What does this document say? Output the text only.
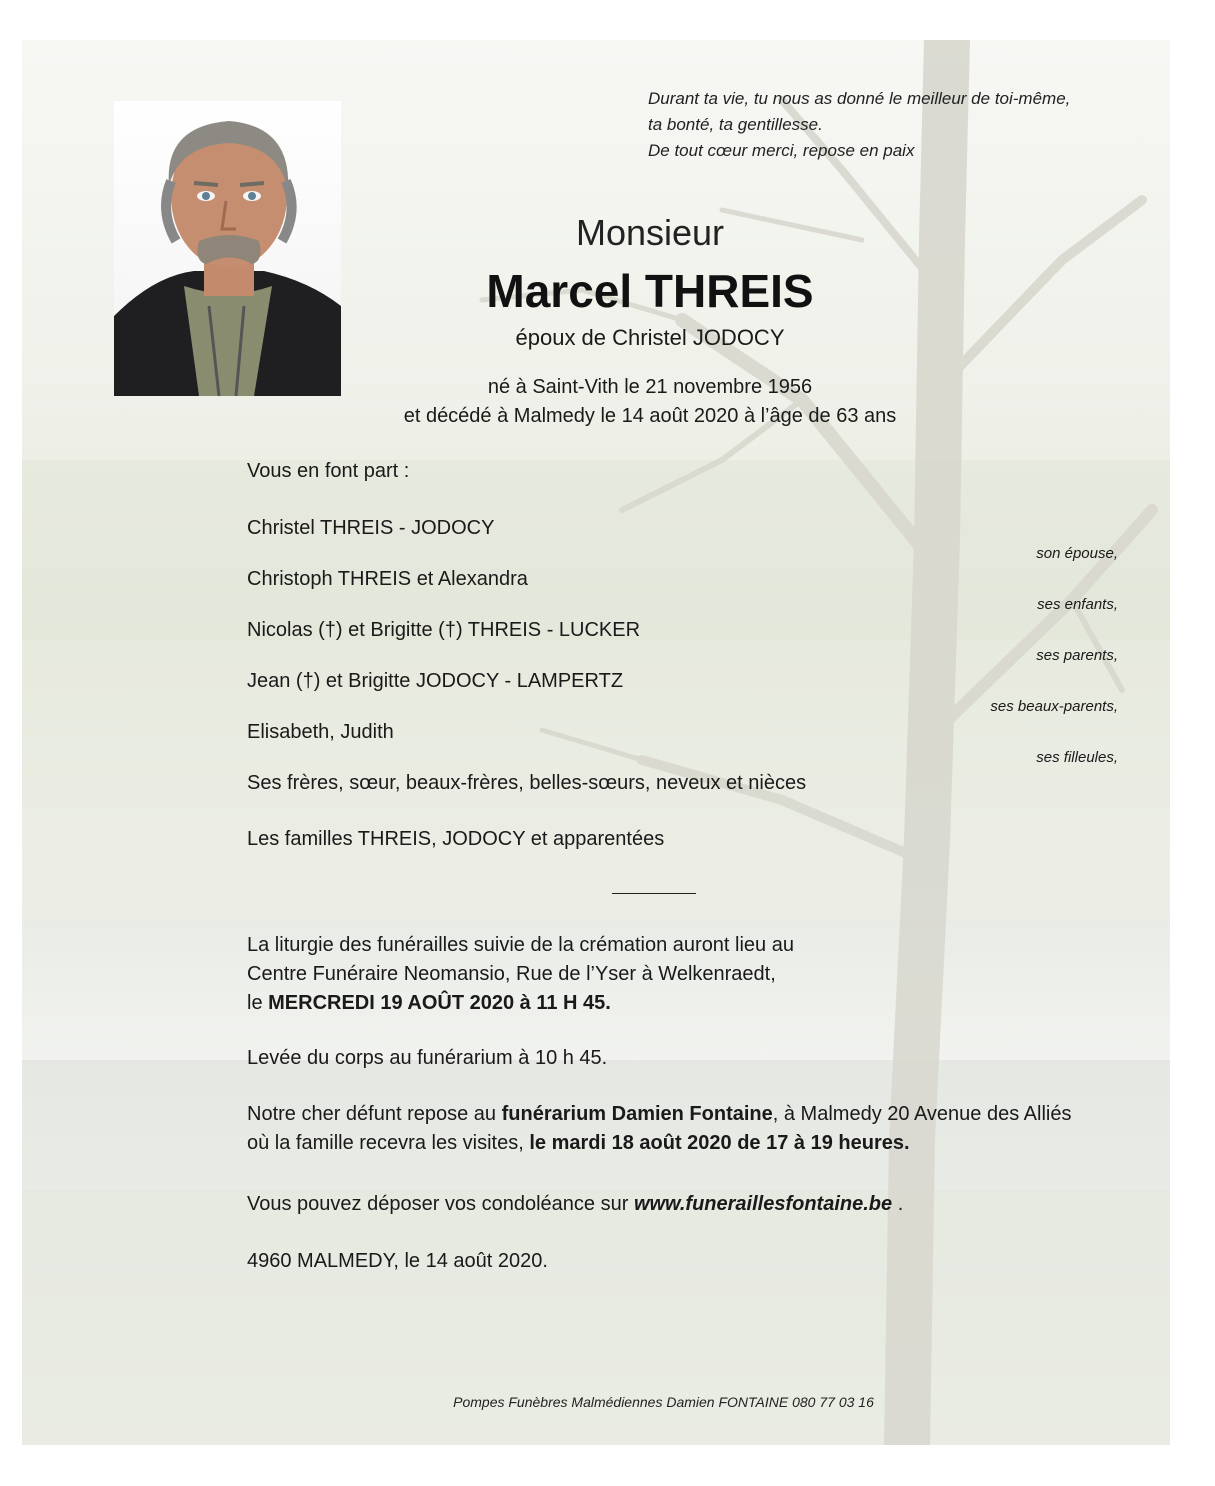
Durant ta vie, tu nous as donné le meilleur de toi-même,
ta bonté, ta gentillesse.
De tout cœur merci, repose en paix
Monsieur
Marcel THREIS
époux de Christel JODOCY
né à Saint-Vith le 21 novembre 1956
et décédé à Malmedy le 14 août 2020 à l’âge de 63 ans
Vous en font part :
Christel THREIS - JODOCY
son épouse,
Christoph THREIS et Alexandra
ses enfants,
Nicolas (†) et Brigitte (†) THREIS - LUCKER
ses parents,
Jean (†) et Brigitte JODOCY - LAMPERTZ
ses beaux-parents,
Elisabeth, Judith
ses filleules,
Ses frères, sœur, beaux-frères, belles-sœurs, neveux et nièces
Les familles THREIS, JODOCY et apparentées
La liturgie des funérailles suivie de la crémation auront lieu au
Centre Funéraire Neomansio, Rue de l’Yser à Welkenraedt,
le MERCREDI 19 AOÛT 2020 à 11 H 45.
Levée du corps au funérarium à 10 h 45.
Notre cher défunt repose au funérarium Damien Fontaine, à Malmedy 20 Avenue des Alliés
où la famille recevra les visites, le mardi 18 août 2020 de 17 à 19 heures.
Vous pouvez déposer vos condoléance sur www.funeraillesfontaine.be .
4960 MALMEDY, le 14 août 2020.
Pompes Funèbres Malmédiennes Damien FONTAINE 080 77 03 16
